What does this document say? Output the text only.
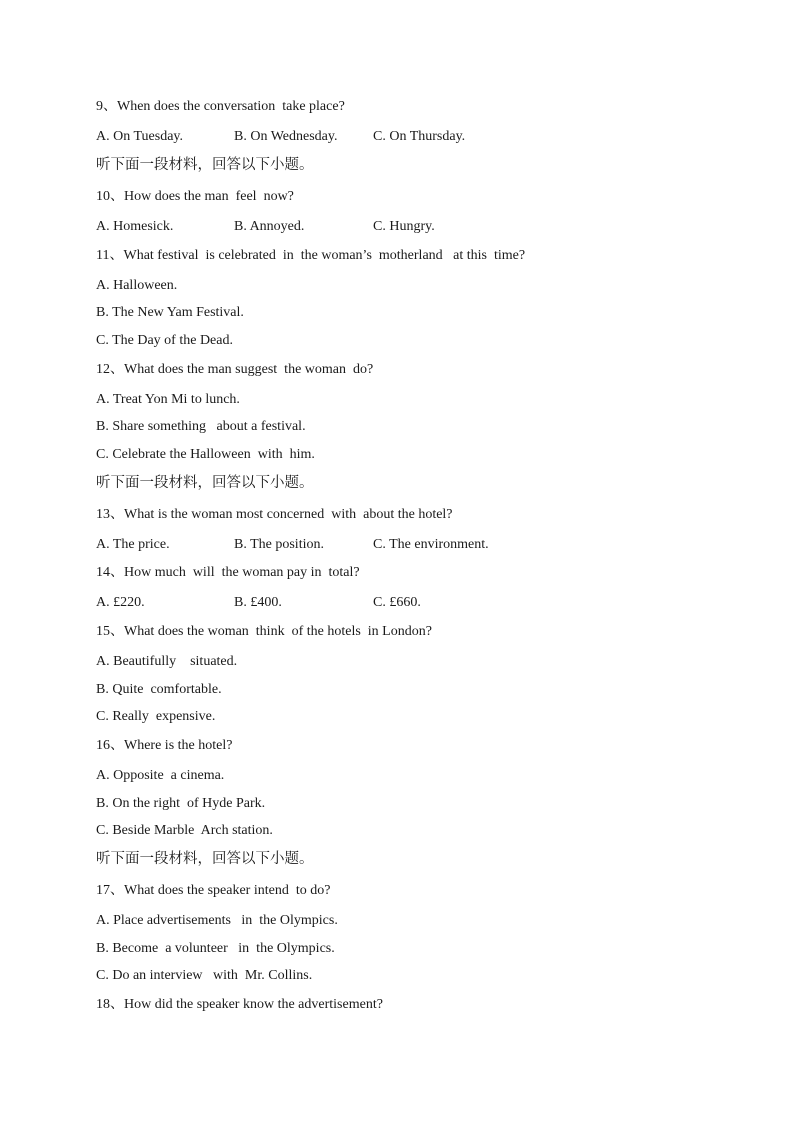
9、When does the conversation  take place?
A. On Tuesday.	B. On Wednesday.	C. On Thursday.
听下面一段材料，回答以下小题。
10、How does the man  feel  now?
A. Homesick.	B. Annoyed.	C. Hungry.
11、What festival  is celebrated  in  the woman’s  motherland   at this  time?
A. Halloween.
B. The New Yam Festival.
C. The Day of the Dead.
12、What does the man suggest  the woman  do?
A. Treat Yon Mi to lunch.
B. Share something   about a festival.
C. Celebrate the Halloween  with  him.
听下面一段材料，回答以下小题。
13、What is the woman most concerned  with  about the hotel?
A. The price.	B. The position.	C. The environment.
14、How much  will  the woman pay in  total?
A. £220.	B. £400.	C. £660.
15、What does the woman  think  of the hotels  in London?
A. Beautifully    situated.
B. Quite  comfortable.
C. Really  expensive.
16、Where is the hotel?
A. Opposite  a cinema.
B. On the right  of Hyde Park.
C. Beside Marble  Arch station.
听下面一段材料，回答以下小题。
17、What does the speaker intend  to do?
A. Place advertisements   in  the Olympics.
B. Become  a volunteer   in  the Olympics.
C. Do an interview   with  Mr. Collins.
18、How did the speaker know the advertisement?
